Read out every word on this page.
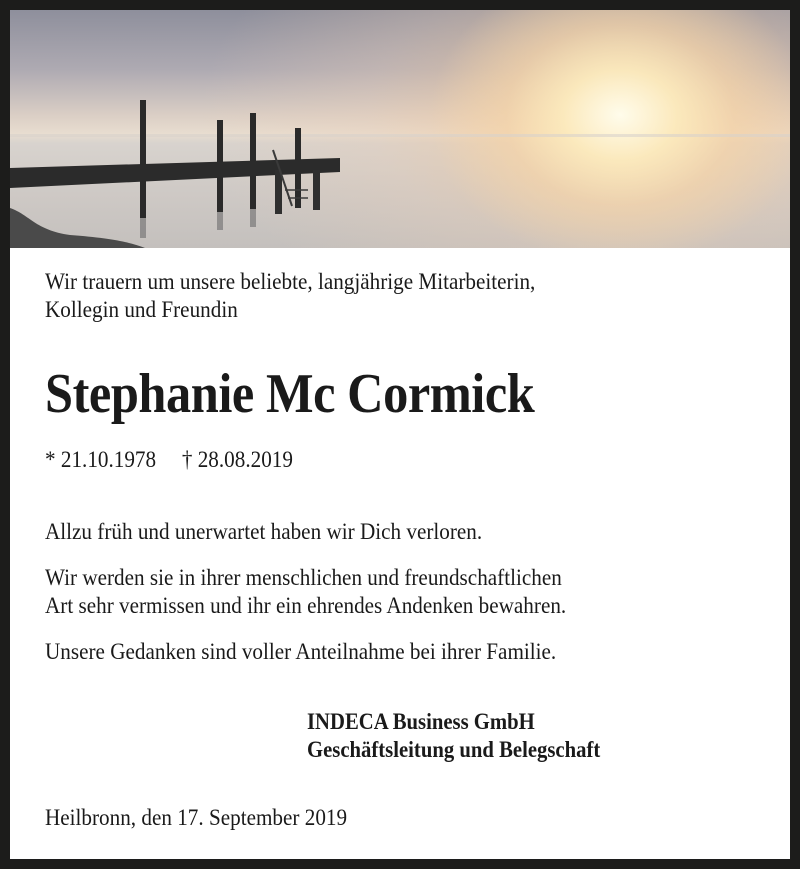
Wir trauern um unsere beliebte, langjährige Mitarbeiterin,
Kollegin und Freundin
Stephanie Mc Cormick
* 21.10.1978 † 28.08.2019
Allzu früh und unerwartet haben wir Dich verloren.
Wir werden sie in ihrer menschlichen und freundschaftlichen
Art sehr vermissen und ihr ein ehrendes Andenken bewahren.
Unsere Gedanken sind voller Anteilnahme bei ihrer Familie.
INDECA Business GmbH
Geschäftsleitung und Belegschaft
Heilbronn, den 17. September 2019
